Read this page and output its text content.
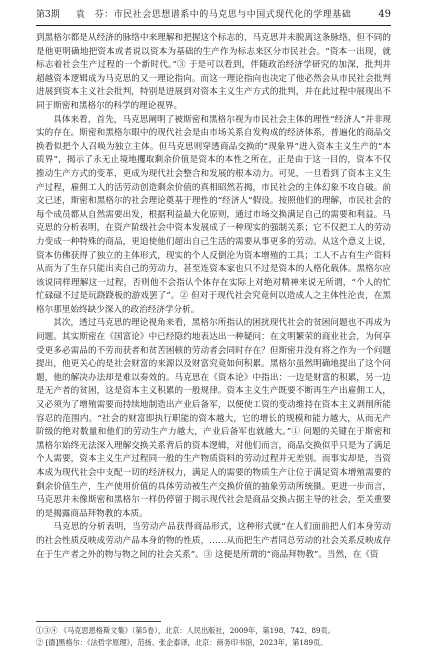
第3期	袁　芬：市民社会思想谱系中的马克思与中国式现代化的学理基础	49

到黑格尔都是从经济的脉络中来理解和把握这个标志的，马克思并未脱离这条脉络，但不同的是他更明确地把资本或者说以资本为基础的生产作为标志来区分市民社会。“资本一出现，就标志着社会生产过程的一个新时代。”③ 于是可以看到，伴随政治经济学研究的加深，批判并超越资本逻辑成为马克思的又一理论指向。而这一理论指向也决定了他必然会从市民社会批判进展到资本主义社会批判，特别是进展到对资本主义生产方式的批判，并在此过程中展现出不同于斯密和黑格尔的科学的理论视界。

具体来看，首先，马克思阐明了被斯密和黑格尔视为市民社会主体的理性“经济人”并非现实的存在。斯密和黑格尔眼中的现代社会是由市场关系自发构成的经济体系，普遍化的商品交换看似把个人召唤为独立主体。但马克思则穿透商品交换的“现象界”进入资本主义生产的“本质界”，揭示了永无止境地攫取剩余价值是资本的本性之所在，正是由于这一目的，资本不仅推动生产方式的变革，更成为现代社会整合和发展的根本动力。可见，一旦看到了资本主义生产过程，雇佣工人的活劳动创造剩余价值的真相昭然若揭，市民社会的主体幻象不攻自破。前文已述，斯密和黑格尔的社会理论奠基于理性的“经济人”假设。按照他们的理解，市民社会的每个成员都从自然需要出发，根据利益最大化原则，通过市场交换满足自己的需要和利益。马克思的分析表明，在资产阶级社会中资本发展成了一种现实的强制关系；它不仅把工人的劳动力变成一种特殊的商品，更迫使他们超出自己生活的需要从事更多的劳动。从这个意义上说，资本仿佛获得了独立的主体形式，现实的个人反倒沦为资本增殖的工具；工人不占有生产资料从而为了生存只能出卖自己的劳动力，甚至连资本家也只不过是资本的人格化载体。黑格尔应该说同样理解这一过程，否则他不会指认个体存在实际上对绝对精神来说无所谓，“个人的忙忙碌碌不过是玩跷跷板的游戏罢了”。② 但对于现代社会究竟何以造成人之主体性沦丧，在黑格尔那里始终缺少深入的政治经济学分析。

其次，透过马克思的理论视角来看，黑格尔所指认的困扰现代社会的贫困问题也不再成为问题。其实斯密在《国富论》中已经隐约地表达出一种疑问：在文明繁荣的商业社会，为何享受更多必需品的不劳而获者和贫苦困顿的劳动者会同时存在？但斯密并没有将之作为一个问题提出，他更关心的是社会财富的来源以及财富究竟如何积累。黑格尔虽然明确地提出了这个问题，他的解决办法却是难以奏效的。马克思在《资本论》中指出：一边是财富的积累，另一边是无产者的贫困，这是资本主义积累的一般规律。资本主义生产既要不断再生产出雇佣工人，又必须为了增殖需要而持续地制造出产业后备军，以便使工资的变动维持在资本主义剥削所能容忍的范围内。“社会的财富即执行职能的资本越大，它的增长的规模和能力越大，从而无产阶级的绝对数量和他们的劳动生产力越大，产业后备军也就越大。”① 问题的关键在于斯密和黑格尔始终无法深入理解交换关系背后的资本逻辑，对他们而言，商品交换似乎只是为了满足个人需要，资本主义生产过程同一般的生产物质资料的劳动过程并无差别。而事实却是，当资本成为现代社会中支配一切的经济权力，满足人的需要的物质生产让位于满足资本增殖需要的剩余价值生产，生产使用价值的具体劳动被生产交换价值的抽象劳动所统摄。更进一步而言，马克思并未像斯密和黑格尔一样仍停留于揭示现代社会是商品交换占据主导的社会，至关重要的是揭露商品拜物教的本质。

马克思的分析表明，当劳动产品获得商品形式，这种形式就“在人们面前把人们本身劳动的社会性质反映成劳动产品本身的物的性质，……从而把生产者同总劳动的社会关系反映成存在于生产者之外的物与物之间的社会关系”。③ 这便是所谓的“商品拜物教”。当然，在《资

①③④ 《马克思恩格斯文集》（第5卷），北京：人民出版社，2009年，第198、742、89页。
② [德]黑格尔：《法哲学原理》，范扬、张企泰译，北京：商务印书馆，2023年，第189页。
